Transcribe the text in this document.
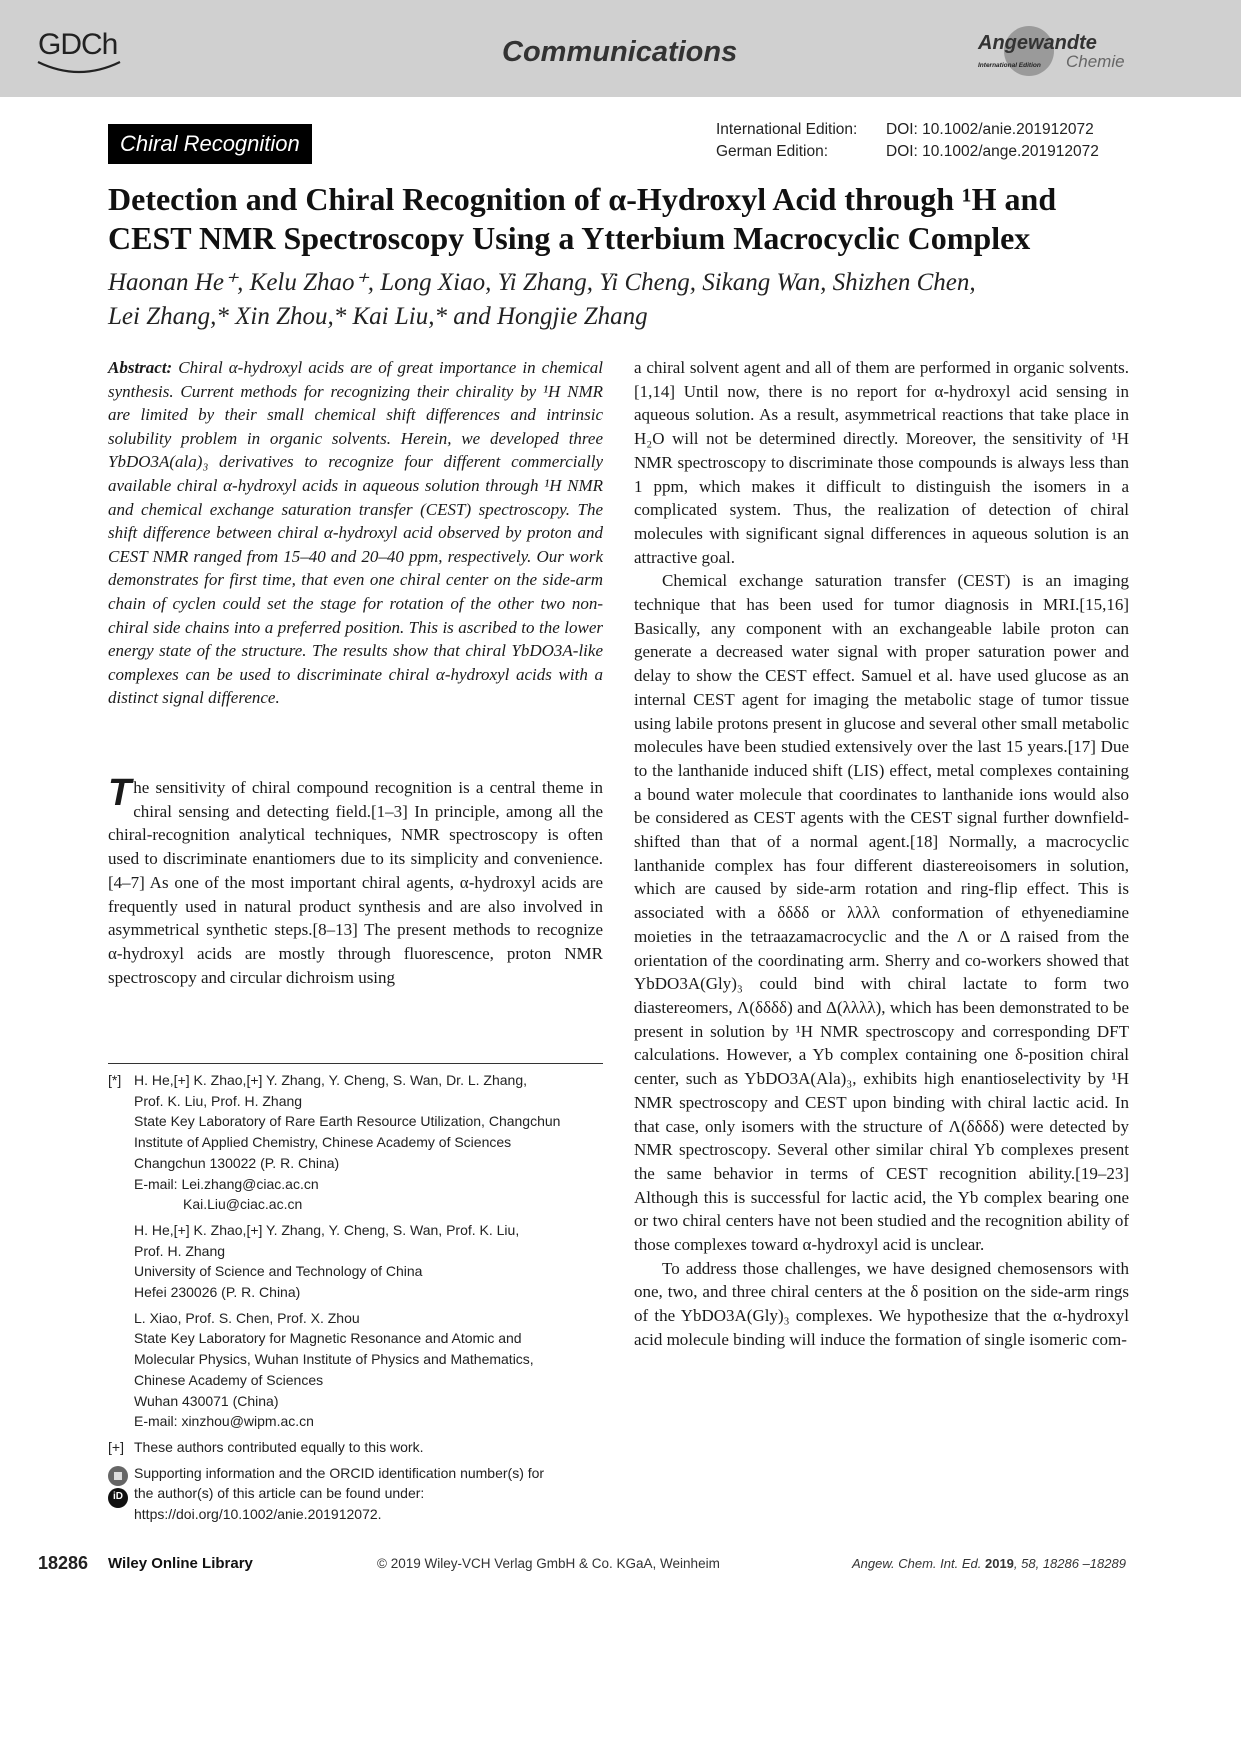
GDCh	Communications	Angewandte
International Edition Chemie
Chiral Recognition
International Edition: DOI: 10.1002/anie.201912072
German Edition:	DOI: 10.1002/ange.201912072
Detection and Chiral Recognition of α-Hydroxyl Acid through ¹H and
CEST NMR Spectroscopy Using a Ytterbium Macrocyclic Complex
Haonan He⁺, Kelu Zhao⁺, Long Xiao, Yi Zhang, Yi Cheng, Sikang Wan, Shizhen Chen,
Lei Zhang,* Xin Zhou,* Kai Liu,* and Hongjie Zhang
Abstract: Chiral α-hydroxyl acids are of great importance in chemical synthesis. Current methods for recognizing their chirality by ¹H NMR are limited by their small chemical shift differences and intrinsic solubility problem in organic solvents. Herein, we developed three YbDO3A(ala)₃ derivatives to recognize four different commercially available chiral α-hydroxyl acids in aqueous solution through ¹H NMR and chemical exchange saturation transfer (CEST) spectroscopy. The shift difference between chiral α-hydroxyl acid observed by proton and CEST NMR ranged from 15–40 and 20–40 ppm, respectively. Our work demonstrates for first time, that even one chiral center on the side-arm chain of cyclen could set the stage for rotation of the other two non-chiral side chains into a preferred position. This is ascribed to the lower energy state of the structure. The results show that chiral YbDO3A-like complexes can be used to discriminate chiral α-hydroxyl acids with a distinct signal difference.
The sensitivity of chiral compound recognition is a central theme in chiral sensing and detecting field.[1–3] In principle, among all the chiral-recognition analytical techniques, NMR spectroscopy is often used to discriminate enantiomers due to its simplicity and convenience.[4–7] As one of the most important chiral agents, α-hydroxyl acids are frequently used in natural product synthesis and are also involved in asymmetrical synthetic steps.[8–13] The present methods to recognize α-hydroxyl acids are mostly through fluorescence, proton NMR spectroscopy and circular dichroism using

a chiral solvent agent and all of them are performed in organic solvents.[1,14] Until now, there is no report for α-hydroxyl acid sensing in aqueous solution. As a result, asymmetrical reactions that take place in H₂O will not be determined directly. Moreover, the sensitivity of ¹H NMR spectroscopy to discriminate those compounds is always less than 1 ppm, which makes it difficult to distinguish the isomers in a complicated system. Thus, the realization of detection of chiral molecules with significant signal differences in aqueous solution is an attractive goal.

Chemical exchange saturation transfer (CEST) is an imaging technique that has been used for tumor diagnosis in MRI.[15,16] Basically, any component with an exchangeable labile proton can generate a decreased water signal with proper saturation power and delay to show the CEST effect. Samuel et al. have used glucose as an internal CEST agent for imaging the metabolic stage of tumor tissue using labile protons present in glucose and several other small metabolic molecules have been studied extensively over the last 15 years.[17] Due to the lanthanide induced shift (LIS) effect, metal complexes containing a bound water molecule that coordinates to lanthanide ions would also be considered as CEST agents with the CEST signal further downfield-shifted than that of a normal agent.[18] Normally, a macrocyclic lanthanide complex has four different diastereoisomers in solution, which are caused by side-arm rotation and ring-flip effect. This is associated with a δδδδ or λλλλ conformation of ethyenediamine moieties in the tetraazamacrocyclic and the Λ or Δ raised from the orientation of the coordinating arm. Sherry and co-workers showed that YbDO3A(Gly)₃ could bind with chiral lactate to form two diastereomers, Λ(δδδδ) and Δ(λλλλ), which has been demonstrated to be present in solution by ¹H NMR spectroscopy and corresponding DFT calculations. However, a Yb complex containing one δ-position chiral center, such as YbDO3A(Ala)₃, exhibits high enantioselectivity by ¹H NMR spectroscopy and CEST upon binding with chiral lactic acid. In that case, only isomers with the structure of Λ(δδδδ) were detected by NMR spectroscopy. Several other similar chiral Yb complexes present the same behavior in terms of CEST recognition ability.[19–23] Although this is successful for lactic acid, the Yb complex bearing one or two chiral centers have not been studied and the recognition ability of those complexes toward α-hydroxyl acid is unclear.

To address those challenges, we have designed chemosensors with one, two, and three chiral centers at the δ position on the side-arm rings of the YbDO3A(Gly)₃ complexes. We hypothesize that the α-hydroxyl acid molecule binding will induce the formation of single isomeric com-

[*] H. He,[+] K. Zhao,[+] Y. Zhang, Y. Cheng, S. Wan, Dr. L. Zhang,
Prof. K. Liu, Prof. H. Zhang
State Key Laboratory of Rare Earth Resource Utilization, Changchun
Institute of Applied Chemistry, Chinese Academy of Sciences
Changchun 130022 (P. R. China)
E-mail: Lei.zhang@ciac.ac.cn
Kai.Liu@ciac.ac.cn
H. He,[+] K. Zhao,[+] Y. Zhang, Y. Cheng, S. Wan, Prof. K. Liu,
Prof. H. Zhang
University of Science and Technology of China
Hefei 230026 (P. R. China)
L. Xiao, Prof. S. Chen, Prof. X. Zhou
State Key Laboratory for Magnetic Resonance and Atomic and
Molecular Physics, Wuhan Institute of Physics and Mathematics,
Chinese Academy of Sciences
Wuhan 430071 (China)
E-mail: xinzhou@wipm.ac.cn
[+] These authors contributed equally to this work.
iD
Supporting information and the ORCID identification number(s) for
the author(s) of this article can be found under:
https://doi.org/10.1002/anie.201912072.
18286 Wiley Online Library	© 2019 Wiley-VCH Verlag GmbH & Co. KGaA, Weinheim	Angew. Chem. Int. Ed. 2019, 58, 18286 –18289
